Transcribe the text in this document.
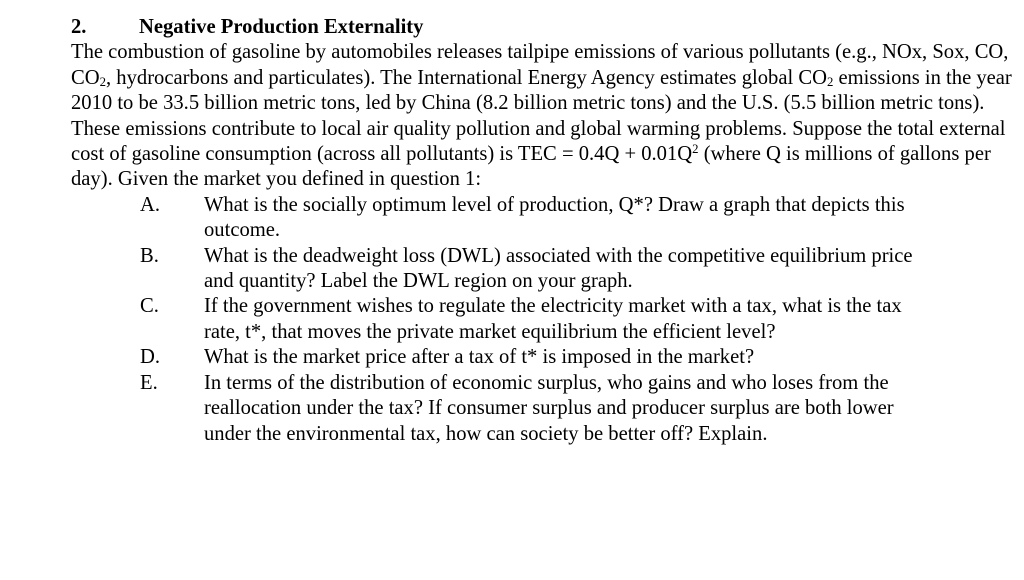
2.	Negative Production Externality
The combustion of gasoline by automobiles releases tailpipe emissions of various pollutants (e.g., NOx, Sox, CO, $CO_2$, hydrocarbons and particulates). The International Energy Agency estimates global $CO_2$ emissions in the year 2010 to be 33.5 billion metric tons, led by China (8.2 billion metric tons) and the U.S. (5.5 billion metric tons). These emissions contribute to local air quality pollution and global warming problems. Suppose the total external cost of gasoline consumption (across all pollutants) is TEC = $0.4Q + 0.01Q^2$ (where Q is millions of gallons per day). Given the market you defined in question 1:
A.	What is the socially optimum level of production, Q*? Draw a graph that depicts this outcome.
B.	What is the deadweight loss (DWL) associated with the competitive equilibrium price and quantity? Label the DWL region on your graph.
C.	If the government wishes to regulate the electricity market with a tax, what is the tax rate, t*, that moves the private market equilibrium the efficient level?
D.	What is the market price after a tax of t* is imposed in the market?
E.	In terms of the distribution of economic surplus, who gains and who loses from the reallocation under the tax? If consumer surplus and producer surplus are both lower under the environmental tax, how can society be better off? Explain.
